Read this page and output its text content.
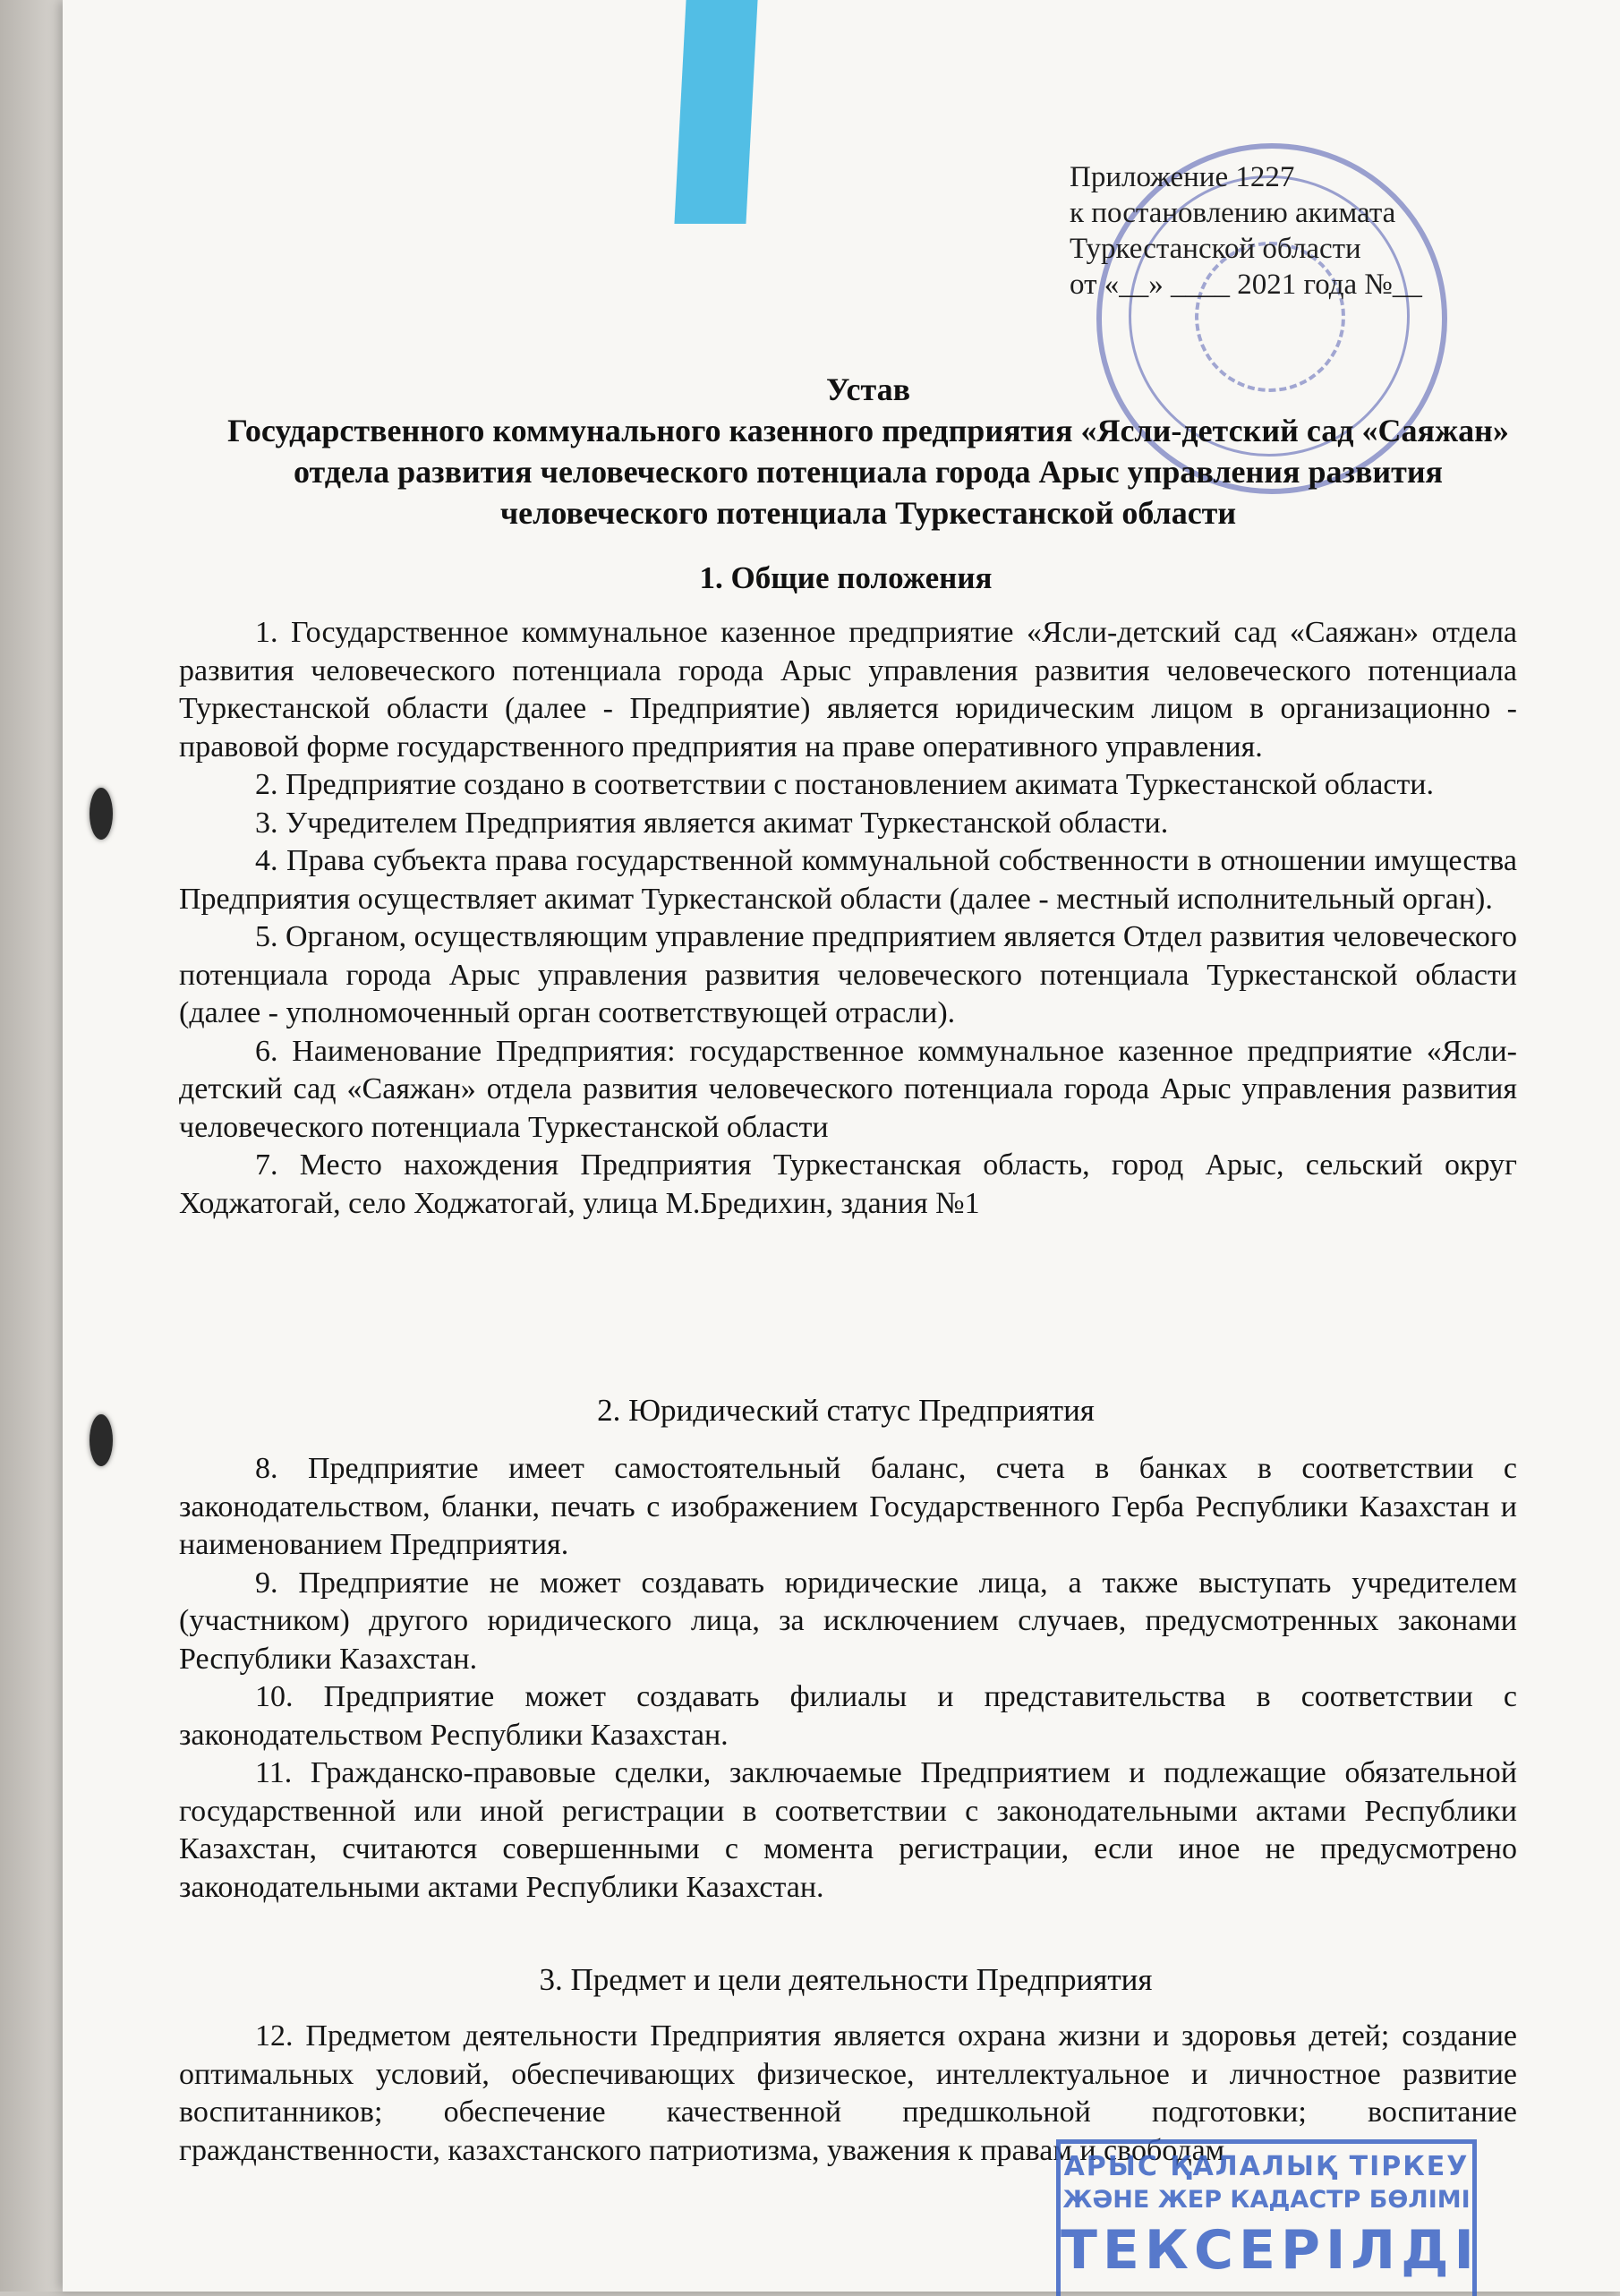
Приложение 1227
к постановлению акимата
Туркестанской области
от «__» ____ 2021 года №__
Устав
Государственного коммунального казенного предприятия «Ясли-детский сад «Саяжан»
отдела развития человеческого потенциала города Арыс управления развития
человеческого потенциала Туркестанской области
1. Общие положения

1. Государственное коммунальное казенное предприятие «Ясли-детский сад «Саяжан» отдела развития человеческого потенциала города Арыс управления развития человеческого потенциала Туркестанской области (далее - Предприятие) является юридическим лицом в организационно - правовой форме государственного предприятия на праве оперативного управления.

2. Предприятие создано в соответствии с постановлением акимата Туркестанской области.

3. Учредителем Предприятия является акимат Туркестанской области.

4. Права субъекта права государственной коммунальной собственности в отношении имущества Предприятия осуществляет акимат Туркестанской области (далее - местный исполнительный орган).

5. Органом, осуществляющим управление предприятием является Отдел развития человеческого потенциала города Арыс управления развития человеческого потенциала Туркестанской области (далее - уполномоченный орган соответствующей отрасли).

6. Наименование Предприятия: государственное коммунальное казенное предприятие «Ясли-детский сад «Саяжан» отдела развития человеческого потенциала города Арыс управления развития человеческого потенциала Туркестанской области

7. Место нахождения Предприятия Туркестанская область, город Арыс, сельский округ Ходжатогай, село Ходжатогай, улица М.Бредихин, здания №1

2. Юридический статус Предприятия

8. Предприятие имеет самостоятельный баланс, счета в банках в соответствии с законодательством, бланки, печать с изображением Государственного Герба Республики Казахстан и наименованием Предприятия.

9. Предприятие не может создавать юридические лица, а также выступать учредителем (участником) другого юридического лица, за исключением случаев, предусмотренных законами Республики Казахстан.

10. Предприятие может создавать филиалы и представительства в соответствии с законодательством Республики Казахстан.

11. Гражданско-правовые сделки, заключаемые Предприятием и подлежащие обязательной государственной или иной регистрации в соответствии с законодательными актами Республики Казахстан, считаются совершенными с момента регистрации, если иное не предусмотрено законодательными актами Республики Казахстан.

3. Предмет и цели деятельности Предприятия

12. Предметом деятельности Предприятия является охрана жизни и здоровья детей; создание оптимальных условий, обеспечивающих физическое, интеллектуальное и личностное развитие воспитанников; обеспечение качественной предшкольной подготовки; воспитание гражданственности, казахстанского патриотизма, уважения к правам и свободам

АРЫС ҚАЛАЛЫҚ ТІРКЕУ
ЖӘНЕ ЖЕР КАДАСТР БӨЛІМІ
ТЕКСЕРІЛДІ
